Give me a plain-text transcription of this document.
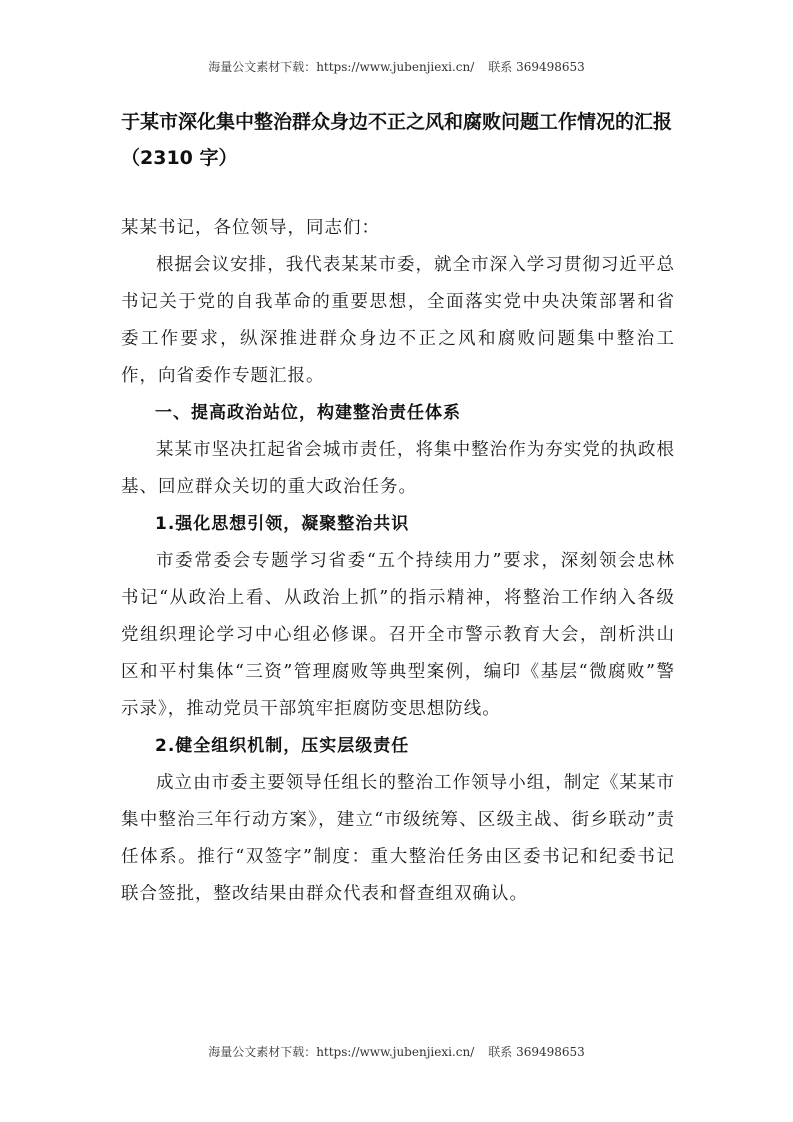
海量公文素材下载：https://www.jubenjiexi.cn/ 联系 369498653
于某市深化集中整治群众身边不正之风和腐败问题工作情况的汇报（2310 字）

某某书记，各位领导，同志们：

根据会议安排，我代表某某市委，就全市深入学习贯彻习近平总书记关于党的自我革命的重要思想，全面落实党中央决策部署和省委工作要求，纵深推进群众身边不正之风和腐败问题集中整治工作，向省委作专题汇报。

一、提高政治站位，构建整治责任体系

某某市坚决扛起省会城市责任，将集中整治作为夯实党的执政根基、回应群众关切的重大政治任务。

1.强化思想引领，凝聚整治共识

市委常委会专题学习省委“五个持续用力”要求，深刻领会忠林书记“从政治上看、从政治上抓”的指示精神，将整治工作纳入各级党组织理论学习中心组必修课。召开全市警示教育大会，剖析洪山区和平村集体“三资”管理腐败等典型案例，编印《基层“微腐败”警示录》，推动党员干部筑牢拒腐防变思想防线。

2.健全组织机制，压实层级责任

成立由市委主要领导任组长的整治工作领导小组，制定《某某市集中整治三年行动方案》，建立“市级统筹、区级主战、街乡联动”责任体系。推行“双签字”制度：重大整治任务由区委书记和纪委书记联合签批，整改结果由群众代表和督查组双确认。

海量公文素材下载：https://www.jubenjiexi.cn/ 联系 369498653
